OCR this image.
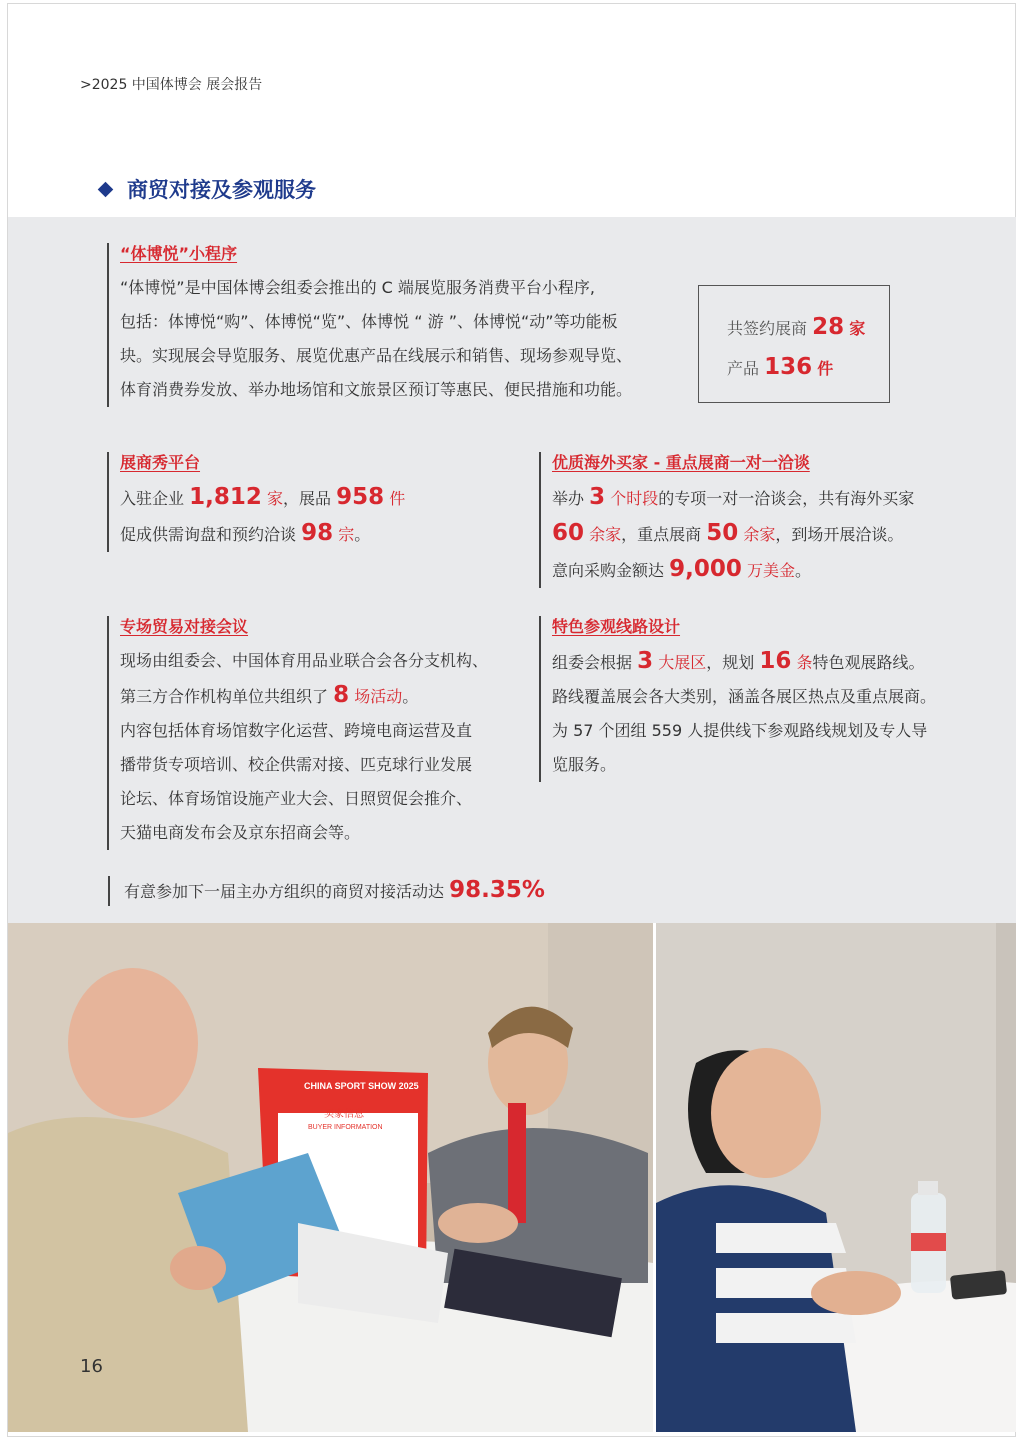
>2025 中国体博会 展会报告
商贸对接及参观服务
“体博悦”小程序
“体博悦”是中国体博会组委会推出的 C 端展览服务消费平台小程序,
包括：体博悦“购”、体博悦“览”、体博悦 “ 游 ”、体博悦“动”等功能板
块。实现展会导览服务、展览优惠产品在线展示和销售、现场参观导览、
体育消费券发放、举办地场馆和文旅景区预订等惠民、便民措施和功能。
共签约展商 28 家
产品 136 件
展商秀平台
入驻企业 1,812 家，展品 958 件
促成供需询盘和预约洽谈 98 宗。
优质海外买家 - 重点展商一对一洽谈
举办 3 个时段的专项一对一洽谈会，共有海外买家
60 余家，重点展商 50 余家，到场开展洽谈。
意向采购金额达 9,000 万美金。
专场贸易对接会议
现场由组委会、中国体育用品业联合会各分支机构、
第三方合作机构单位共组织了 8 场活动。
内容包括体育场馆数字化运营、跨境电商运营及直
播带货专项培训、校企供需对接、匹克球行业发展
论坛、体育场馆设施产业大会、日照贸促会推介、
天猫电商发布会及京东招商会等。
特色参观线路设计
组委会根据 3 大展区，规划 16 条特色观展路线。
路线覆盖展会各大类别，涵盖各展区热点及重点展商。
为 57 个团组 559 人提供线下参观路线规划及专人导
览服务。
有意参加下一届主办方组织的商贸对接活动达 98.35%
CHINA SPORT SHOW 2025
买家信息
BUYER INFORMATION
16
